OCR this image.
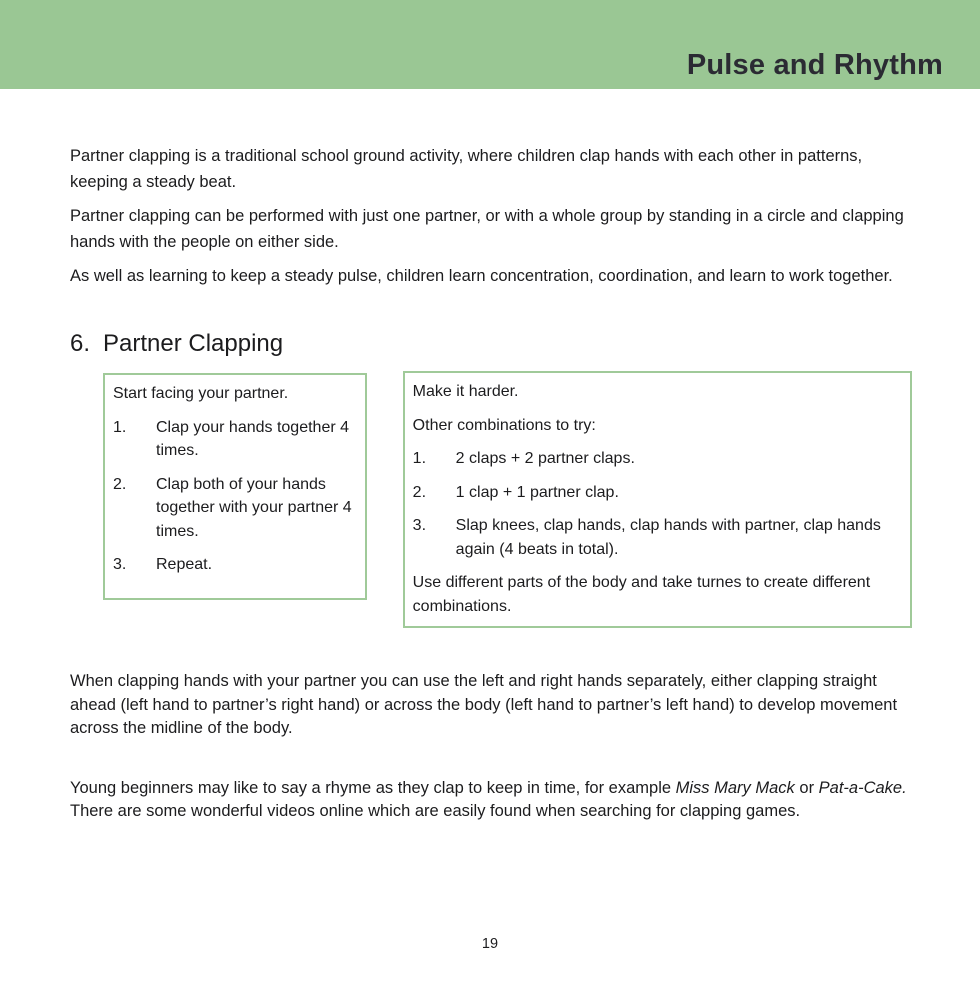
Pulse and Rhythm

Partner clapping is a traditional school ground activity, where children clap hands with each other in patterns, keeping a steady beat.

Partner clapping can be performed with just one partner, or with a whole group by standing in a circle and clapping hands with the people on either side.

As well as learning to keep a steady pulse, children learn concentration, coordination, and learn to work together.

6. Partner Clapping

Start facing your partner.

1.	Clap your hands together 4 times.
2.	Clap both of your hands together with your partner 4 times.
3.	Repeat.

Make it harder.

Other combinations to try:

1.	2 claps + 2 partner claps.
2.	1 clap + 1 partner clap.
3.	Slap knees, clap hands, clap hands with partner, clap hands again (4 beats in total).

Use different parts of the body and take turnes to create different combinations.

When clapping hands with your partner you can use the left and right hands separately, either clapping straight ahead (left hand to partner’s right hand) or across the body (left hand to partner’s left hand) to develop movement across the midline of the body.

Young beginners may like to say a rhyme as they clap to keep in time, for example Miss Mary Mack or Pat-a-Cake.  There are some wonderful videos online which are easily found when searching for clapping games.

19
